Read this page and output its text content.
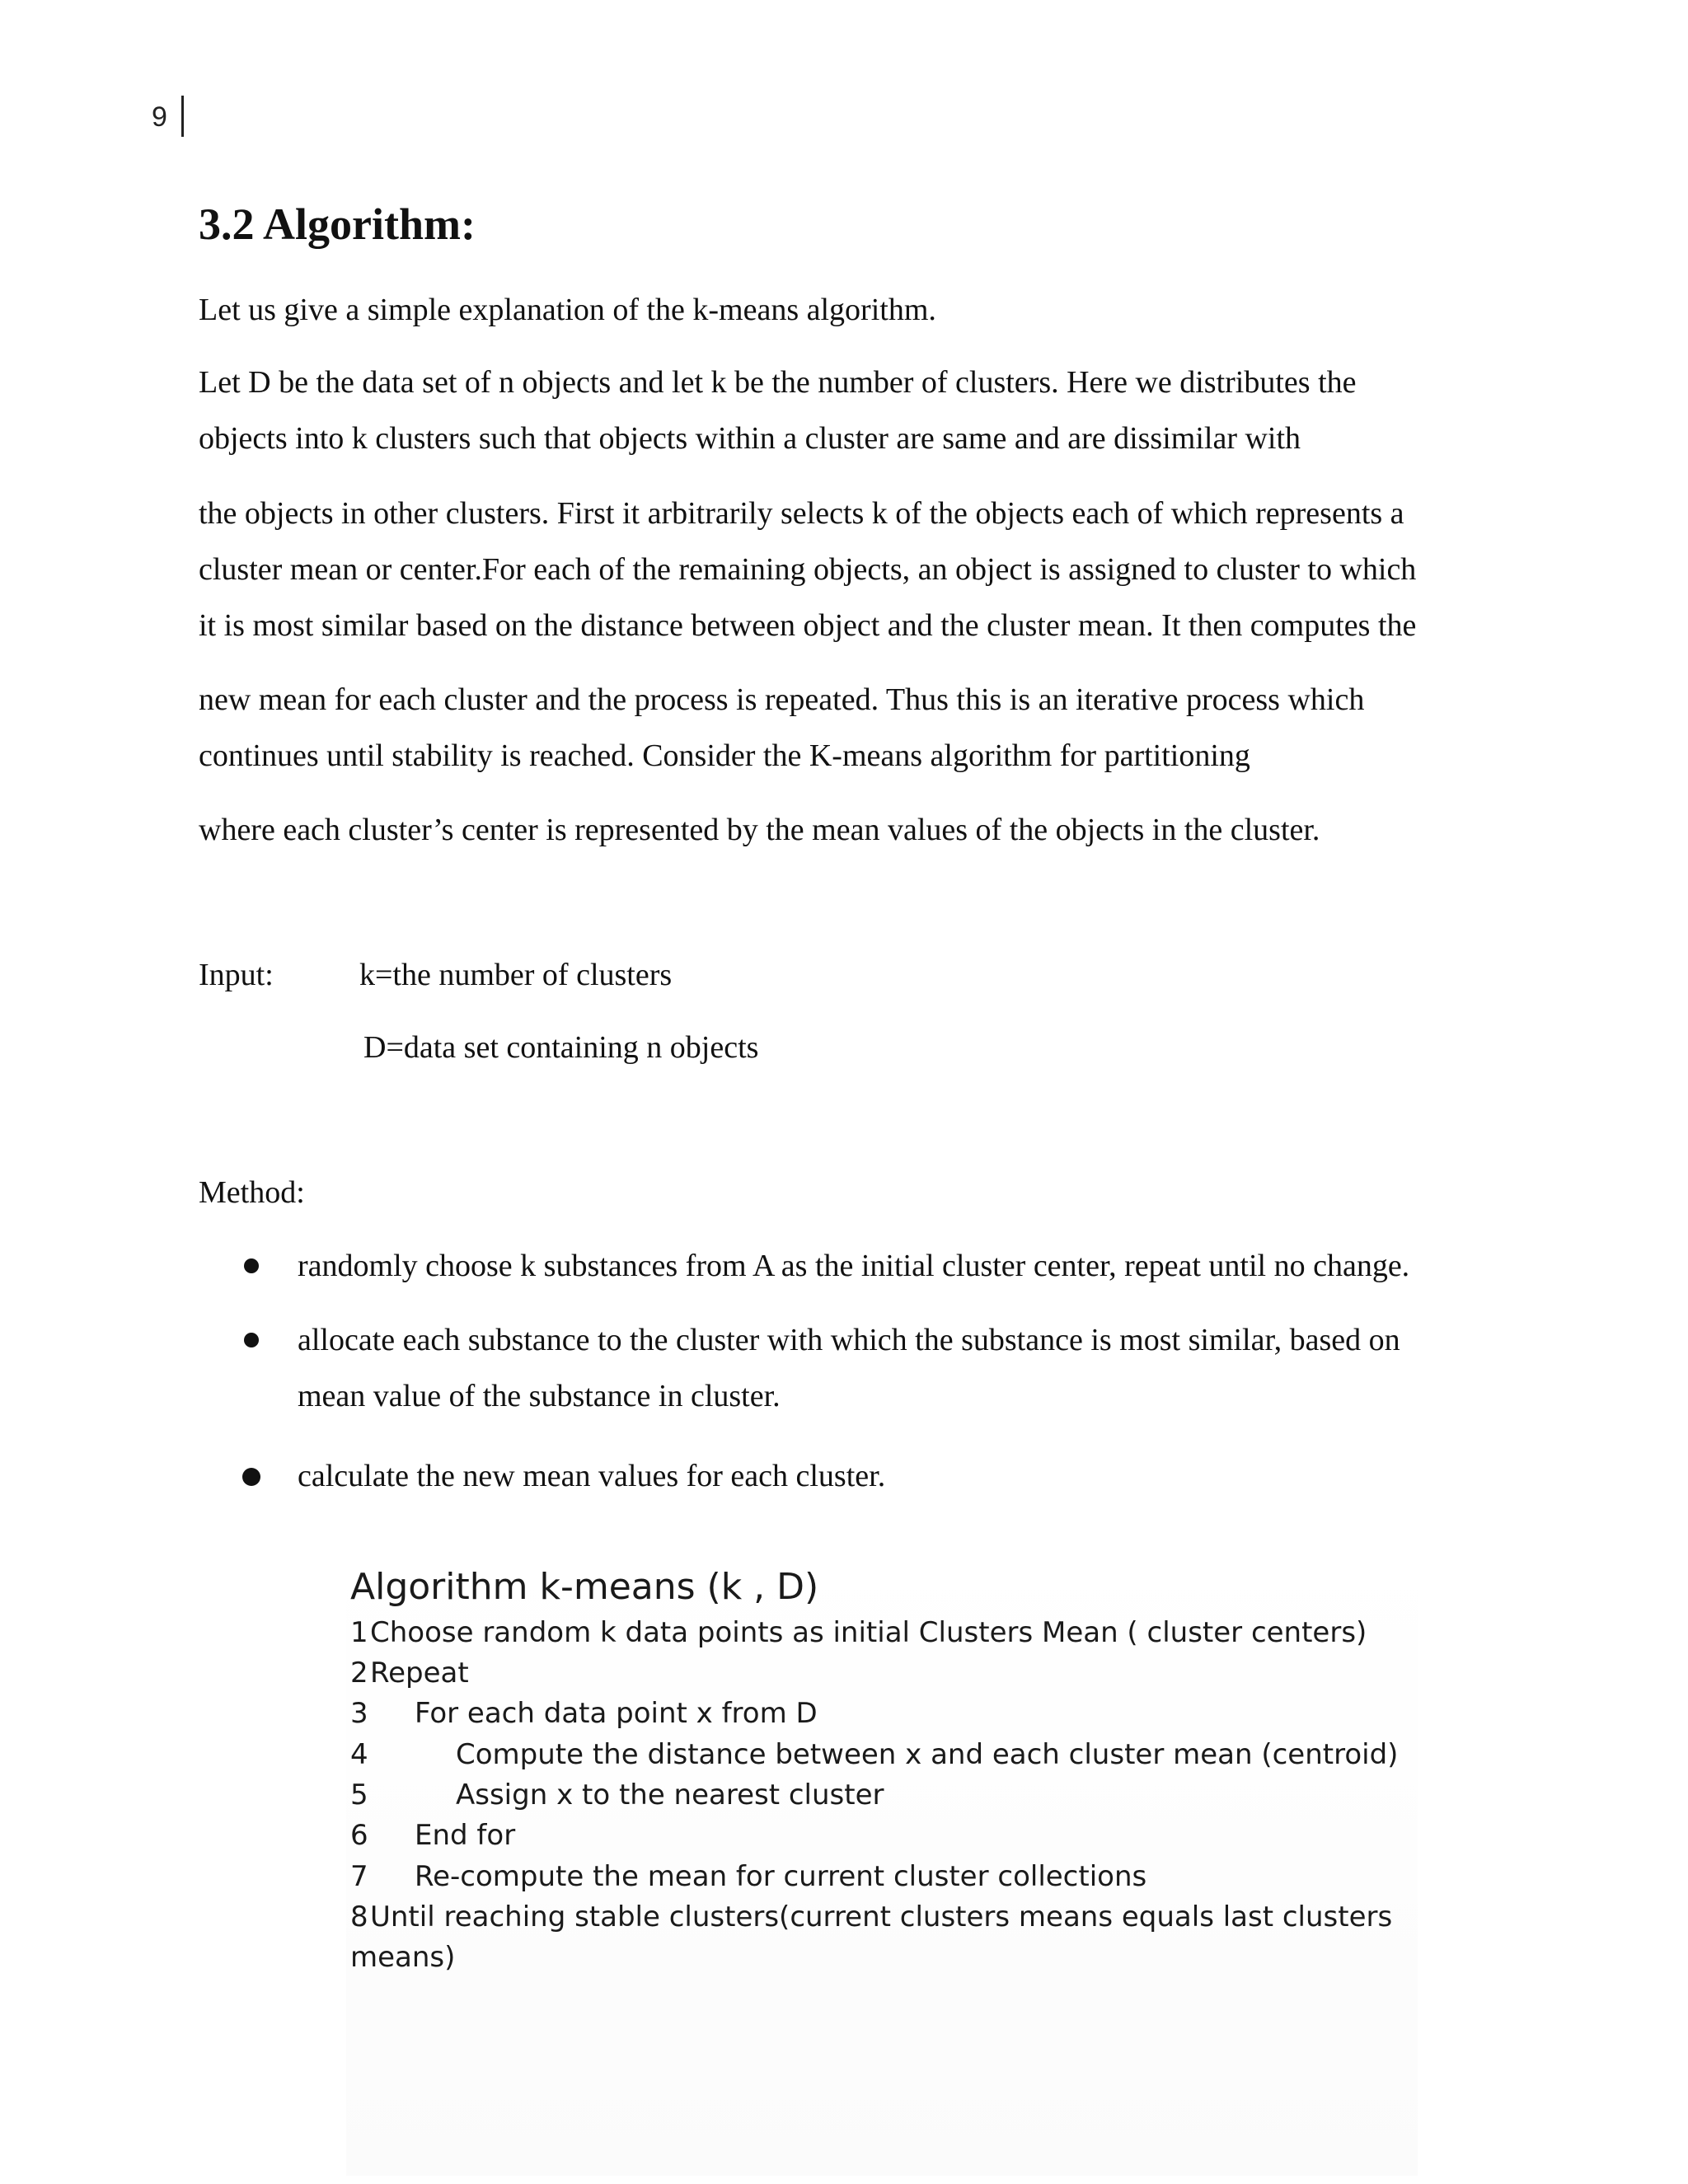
9
3.2 Algorithm:
Let us give a simple explanation of the k-means algorithm.
Let D be the data set of n objects and let k be the number of clusters. Here we distributes the
objects into k clusters such that objects within a cluster are same and are dissimilar with
the objects in other clusters. First it arbitrarily selects k of the objects each of which represents a
cluster mean or center.For each of the remaining objects, an object is assigned to cluster to which
it is most similar based on the distance between object and the cluster mean. It then computes the
new mean for each cluster and the process is repeated. Thus this is an iterative process which
continues until stability is reached. Consider the K-means algorithm for partitioning
where each cluster’s center is represented by the mean values of the objects in the cluster.
Input:	k=the number of clusters
D=data set containing n objects
Method:
randomly choose k substances from A as the initial cluster center, repeat until no change.
allocate each substance to the cluster with which the substance is most similar, based on
mean value of the substance in cluster.
calculate the new mean values for each cluster.
Algorithm k-means (k , D)
1Choose random k data points as initial Clusters Mean ( cluster centers)
2Repeat
3 For each data point x from D
4	Compute the distance between x and each cluster mean (centroid)
5	Assign x to the nearest cluster
6 End for
7 Re-compute the mean for current cluster collections
8Until reaching stable clusters(current clusters means equals last clusters
means)
